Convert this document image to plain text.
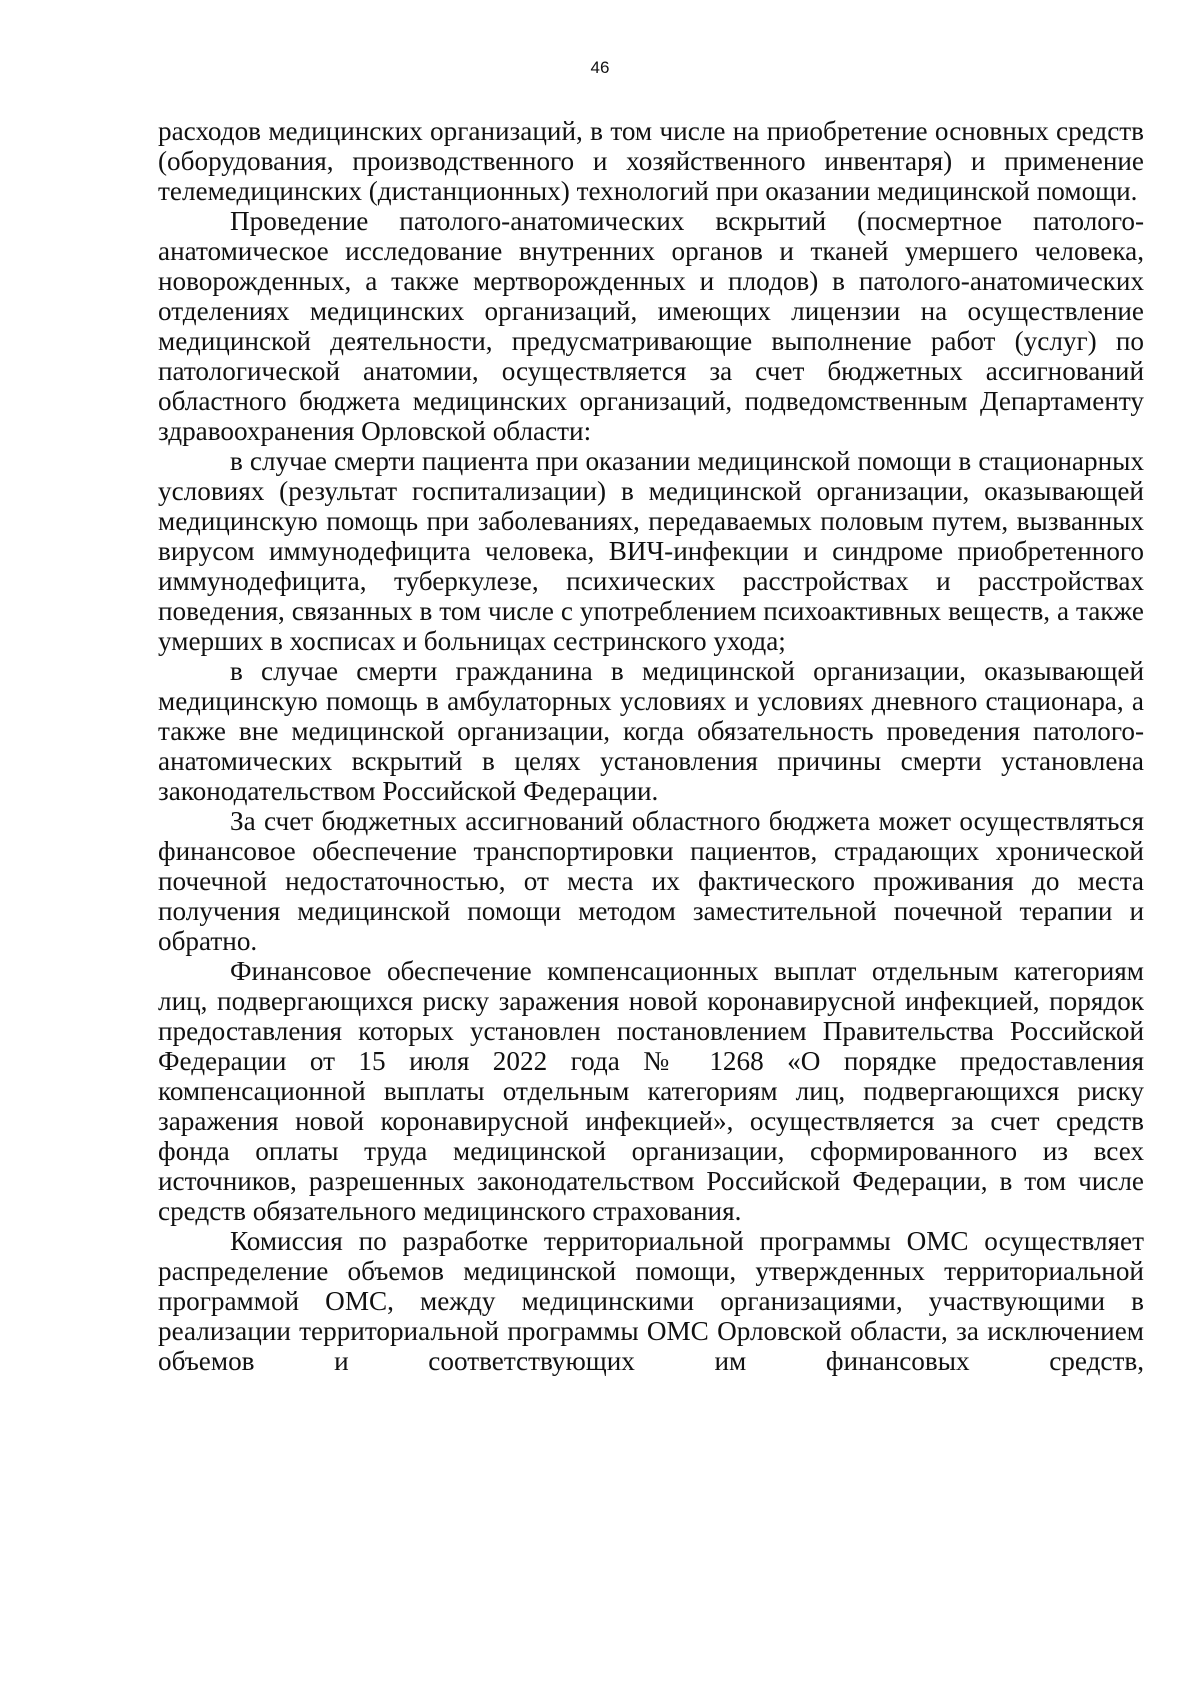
46

расходов медицинских организаций, в том числе на приобретение основных средств (оборудования, производственного и хозяйственного инвентаря) и применение телемедицинских (дистанционных) технологий при оказании медицинской помощи.

Проведение патолого-анатомических вскрытий (посмертное патолого-анатомическое исследование внутренних органов и тканей умершего человека, новорожденных, а также мертворожденных и плодов) в патолого-анатомических отделениях медицинских организаций, имеющих лицензии на осуществление медицинской деятельности, предусматривающие выполнение работ (услуг) по патологической анатомии, осуществляется за счет бюджетных ассигнований областного бюджета медицинских организаций, подведомственным Департаменту здравоохранения Орловской области:

в случае смерти пациента при оказании медицинской помощи в стационарных условиях (результат госпитализации) в медицинской организации, оказывающей медицинскую помощь при заболеваниях, передаваемых половым путем, вызванных вирусом иммунодефицита человека, ВИЧ-инфекции и синдроме приобретенного иммунодефицита, туберкулезе, психических расстройствах и расстройствах поведения, связанных в том числе с употреблением психоактивных веществ, а также умерших в хосписах и больницах сестринского ухода;

в случае смерти гражданина в медицинской организации, оказывающей медицинскую помощь в амбулаторных условиях и условиях дневного стационара, а также вне медицинской организации, когда обязательность проведения патолого-анатомических вскрытий в целях установления причины смерти установлена законодательством Российской Федерации.

За счет бюджетных ассигнований областного бюджета может осуществляться финансовое обеспечение транспортировки пациентов, страдающих хронической почечной недостаточностью, от места их фактического проживания до места получения медицинской помощи методом заместительной почечной терапии и обратно.

Финансовое обеспечение компенсационных выплат отдельным категориям лиц, подвергающихся риску заражения новой коронавирусной инфекцией, порядок предоставления которых установлен постановлением Правительства Российской Федерации от 15 июля 2022 года № 1268 «О порядке предоставления компенсационной выплаты отдельным категориям лиц, подвергающихся риску заражения новой коронавирусной инфекцией», осуществляется за счет средств фонда оплаты труда медицинской организации, сформированного из всех источников, разрешенных законодательством Российской Федерации, в том числе средств обязательного медицинского страхования.

Комиссия по разработке территориальной программы ОМС осуществляет распределение объемов медицинской помощи, утвержденных территориальной программой ОМС, между медицинскими организациями, участвующими в реализации территориальной программы ОМС Орловской области, за исключением объемов и соответствующих им финансовых средств,
